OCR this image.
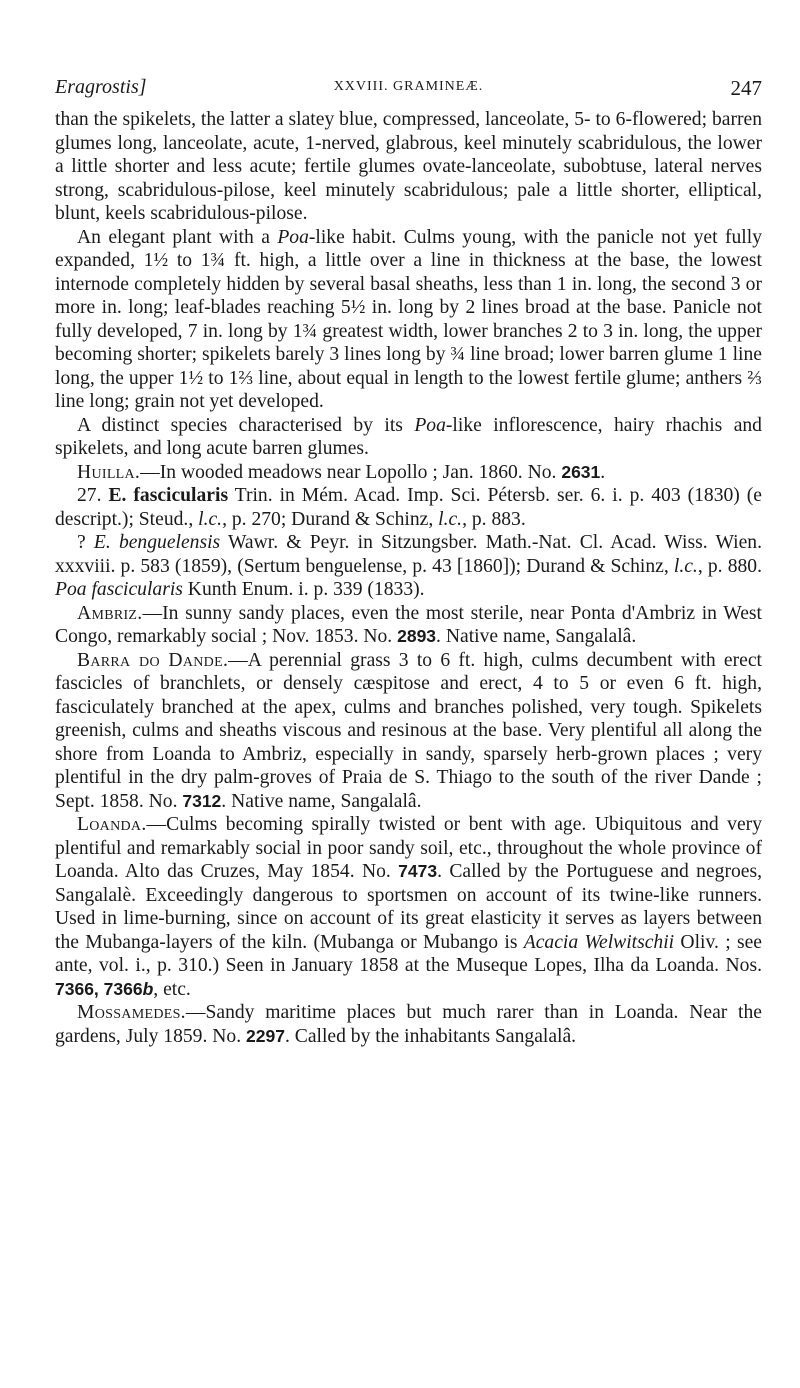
Eragrostis]	XXVIII. GRAMINEÆ.	247

than the spikelets, the latter a slatey blue, compressed, lanceolate, 5- to 6-flowered; barren glumes long, lanceolate, acute, 1-nerved, glabrous, keel minutely scabridulous, the lower a little shorter and less acute; fertile glumes ovate-lanceolate, subobtuse, lateral nerves strong, scabridulous-pilose, keel minutely scabridulous; pale a little shorter, elliptical, blunt, keels scabridulous-pilose.

An elegant plant with a Poa-like habit. Culms young, with the panicle not yet fully expanded, 1½ to 1¾ ft. high, a little over a line in thickness at the base, the lowest internode completely hidden by several basal sheaths, less than 1 in. long, the second 3 or more in. long; leaf-blades reaching 5½ in. long by 2 lines broad at the base. Panicle not fully developed, 7 in. long by 1¾ greatest width, lower branches 2 to 3 in. long, the upper becoming shorter; spikelets barely 3 lines long by ¾ line broad; lower barren glume 1 line long, the upper 1½ to 1⅔ line, about equal in length to the lowest fertile glume; anthers ⅔ line long; grain not yet developed.

A distinct species characterised by its Poa-like inflorescence, hairy rhachis and spikelets, and long acute barren glumes.

Huilla.—In wooded meadows near Lopollo ; Jan. 1860. No. 2631.

27. E. fascicularis Trin. in Mém. Acad. Imp. Sci. Pétersb. ser. 6. i. p. 403 (1830) (e descript.); Steud., l.c., p. 270; Durand & Schinz, l.c., p. 883.

? E. benguelensis Wawr. & Peyr. in Sitzungsber. Math.-Nat. Cl. Acad. Wiss. Wien. xxxviii. p. 583 (1859), (Sertum benguelense, p. 43 [1860]); Durand & Schinz, l.c., p. 880. Poa fascicularis Kunth Enum. i. p. 339 (1833).

Ambriz.—In sunny sandy places, even the most sterile, near Ponta d'Ambriz in West Congo, remarkably social ; Nov. 1853. No. 2893. Native name, Sangalalâ.

Barra do Dande.—A perennial grass 3 to 6 ft. high, culms decumbent with erect fascicles of branchlets, or densely cæspitose and erect, 4 to 5 or even 6 ft. high, fasciculately branched at the apex, culms and branches polished, very tough. Spikelets greenish, culms and sheaths viscous and resinous at the base. Very plentiful all along the shore from Loanda to Ambriz, especially in sandy, sparsely herb-grown places ; very plentiful in the dry palm-groves of Praia de S. Thiago to the south of the river Dande ; Sept. 1858. No. 7312. Native name, Sangalalâ.

Loanda.—Culms becoming spirally twisted or bent with age. Ubiquitous and very plentiful and remarkably social in poor sandy soil, etc., throughout the whole province of Loanda. Alto das Cruzes, May 1854. No. 7473. Called by the Portuguese and negroes, Sangalalè. Exceedingly dangerous to sportsmen on account of its twine-like runners. Used in lime-burning, since on account of its great elasticity it serves as layers between the Mubanga-layers of the kiln. (Mubanga or Mubango is Acacia Welwitschii Oliv. ; see ante, vol. i., p. 310.) Seen in January 1858 at the Museque Lopes, Ilha da Loanda. Nos. 7366, 7366b, etc.

Mossamedes.—Sandy maritime places but much rarer than in Loanda. Near the gardens, July 1859. No. 2297. Called by the inhabitants Sangalalâ.
